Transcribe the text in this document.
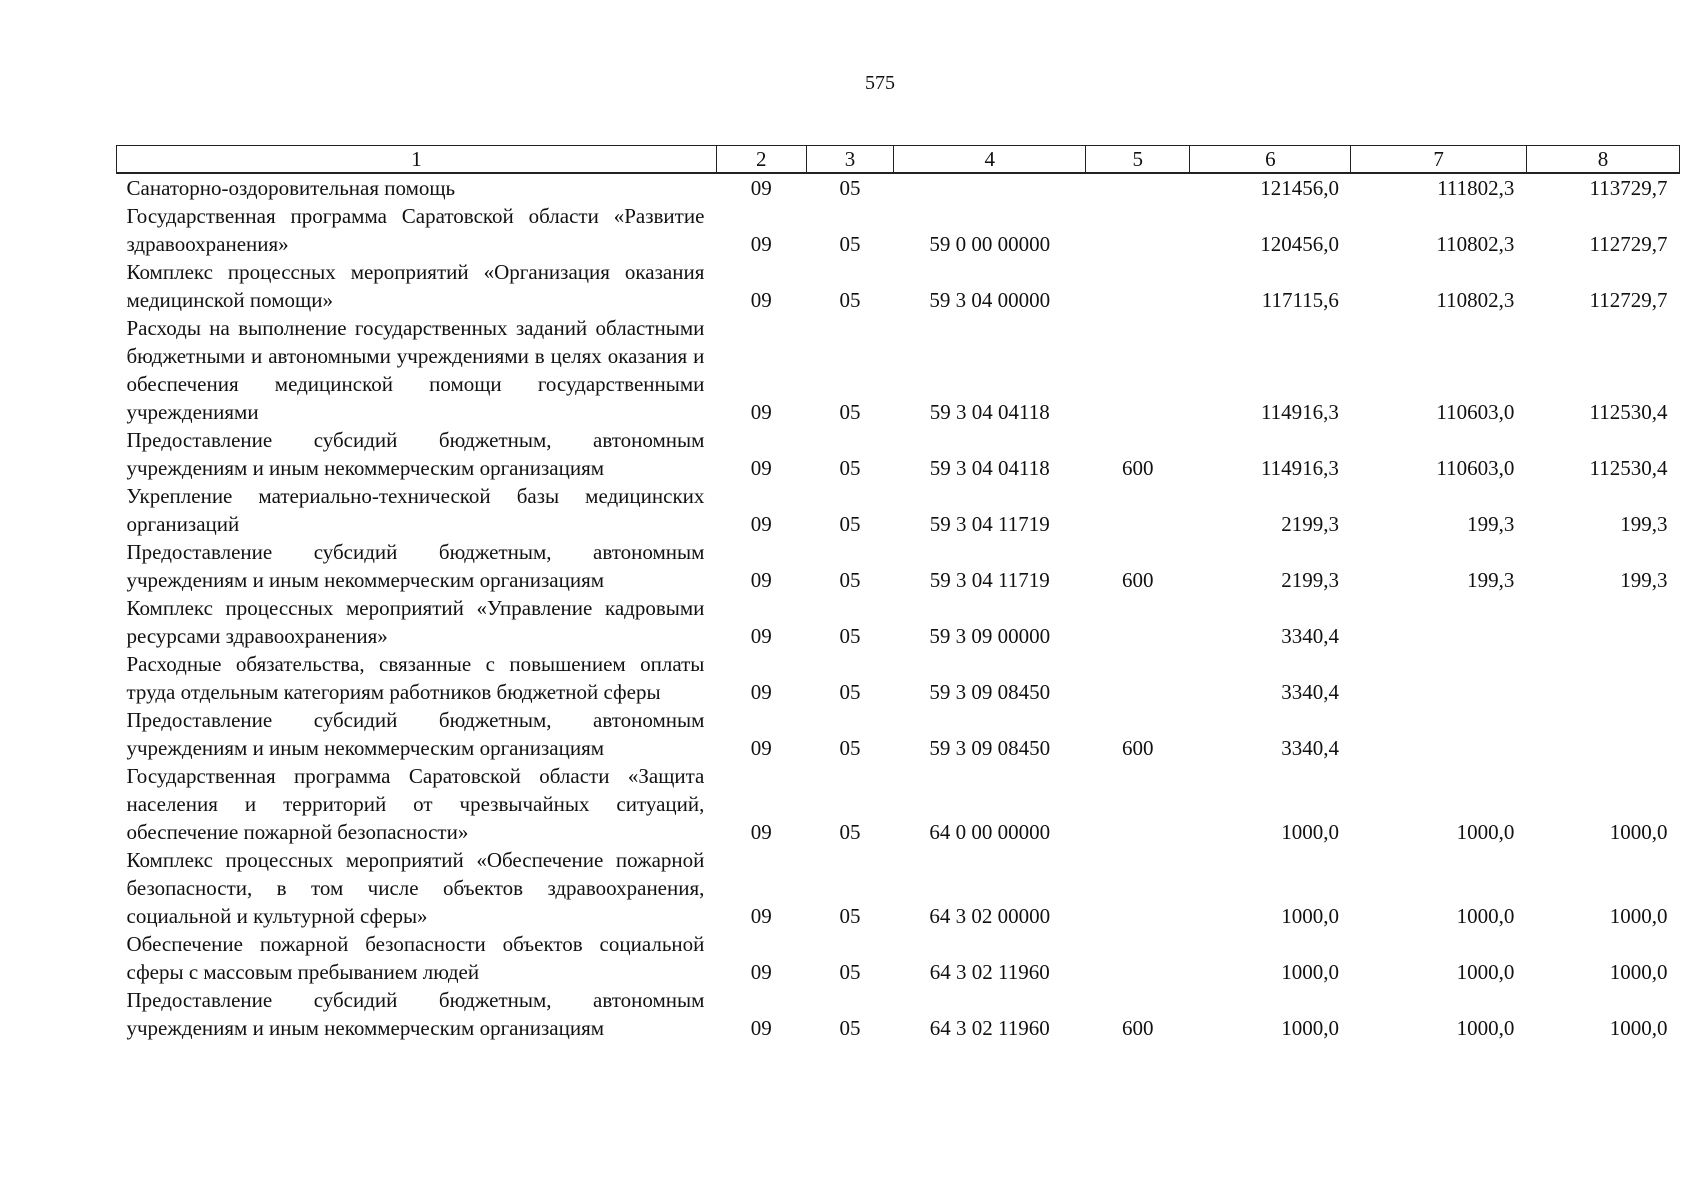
575
1	2	3	4	5	6	7	8
Санаторно-оздоровительная помощь	09	05			121456,0	111802,3	113729,7
Государственная программа Саратовской области «Развитие здравоохранения»	09	05	59 0 00 00000		120456,0	110802,3	112729,7
Комплекс процессных мероприятий «Организация оказания медицинской помощи»	09	05	59 3 04 00000		117115,6	110802,3	112729,7
Расходы на выполнение государственных заданий областными бюджетными и автономными учреждениями в целях оказания и обеспечения медицинской помощи государственными учреждениями	09	05	59 3 04 04118		114916,3	110603,0	112530,4
Предоставление субсидий бюджетным, автономным учреждениям и иным некоммерческим организациям	09	05	59 3 04 04118	600	114916,3	110603,0	112530,4
Укрепление материально-технической базы медицинских организаций	09	05	59 3 04 11719		2199,3	199,3	199,3
Предоставление субсидий бюджетным, автономным учреждениям и иным некоммерческим организациям	09	05	59 3 04 11719	600	2199,3	199,3	199,3
Комплекс процессных мероприятий «Управление кадровыми ресурсами здравоохранения»	09	05	59 3 09 00000		3340,4		
Расходные обязательства, связанные с повышением оплаты труда отдельным категориям работников бюджетной сферы	09	05	59 3 09 08450		3340,4		
Предоставление субсидий бюджетным, автономным учреждениям и иным некоммерческим организациям	09	05	59 3 09 08450	600	3340,4		
Государственная программа Саратовской области «Защита населения и территорий от чрезвычайных ситуаций, обеспечение пожарной безопасности»	09	05	64 0 00 00000		1000,0	1000,0	1000,0
Комплекс процессных мероприятий «Обеспечение пожарной безопасности, в том числе объектов здравоохранения, социальной и культурной сферы»	09	05	64 3 02 00000		1000,0	1000,0	1000,0
Обеспечение пожарной безопасности объектов социальной сферы с массовым пребыванием людей	09	05	64 3 02 11960		1000,0	1000,0	1000,0
Предоставление субсидий бюджетным, автономным учреждениям и иным некоммерческим организациям	09	05	64 3 02 11960	600	1000,0	1000,0	1000,0
